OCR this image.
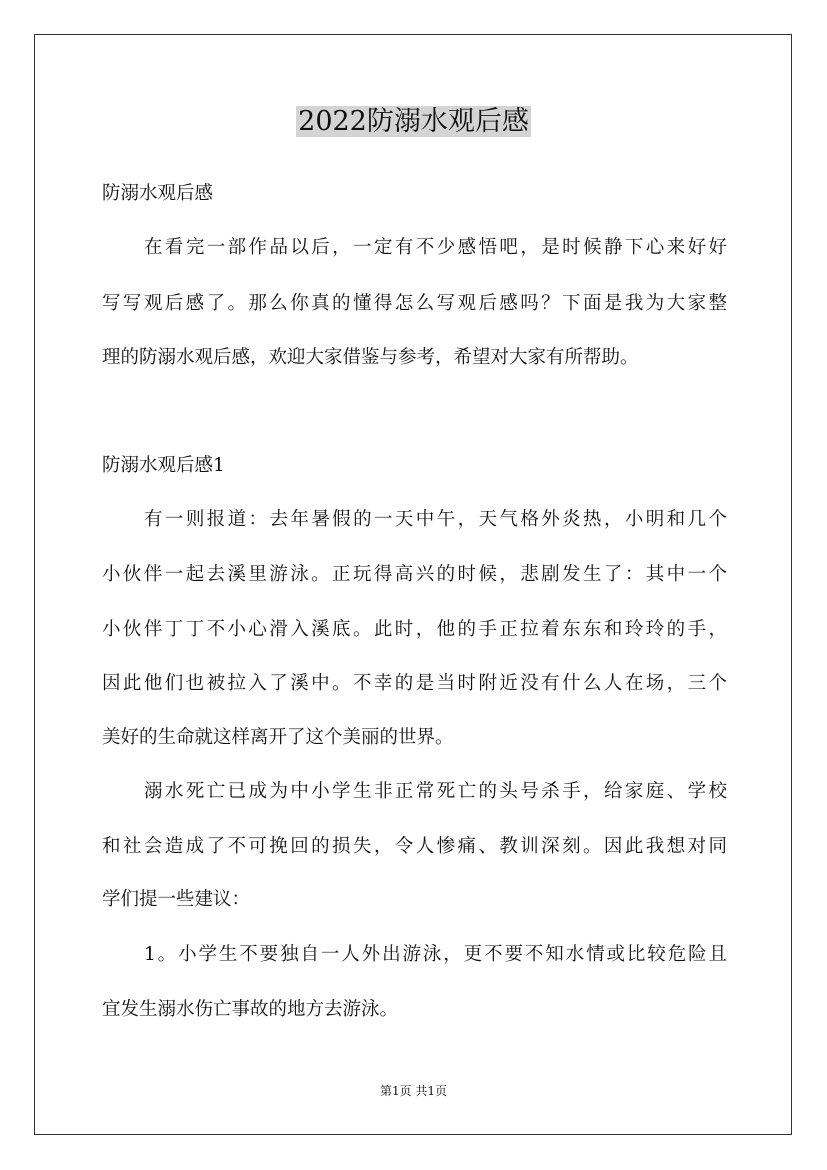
2022防溺水观后感

防溺水观后感

在看完一部作品以后，一定有不少感悟吧，是时候静下心来好好

写写观后感了。那么你真的懂得怎么写观后感吗？下面是我为大家整

理的防溺水观后感，欢迎大家借鉴与参考，希望对大家有所帮助。

防溺水观后感1

有一则报道：去年暑假的一天中午，天气格外炎热，小明和几个

小伙伴一起去溪里游泳。正玩得高兴的时候，悲剧发生了：其中一个

小伙伴丁丁不小心滑入溪底。此时，他的手正拉着东东和玲玲的手，

因此他们也被拉入了溪中。不幸的是当时附近没有什么人在场，三个

美好的生命就这样离开了这个美丽的世界。

溺水死亡已成为中小学生非正常死亡的头号杀手，给家庭、学校

和社会造成了不可挽回的损失，令人惨痛、教训深刻。因此我想对同

学们提一些建议：

1。小学生不要独自一人外出游泳，更不要不知水情或比较危险且

宜发生溺水伤亡事故的地方去游泳。

第1页 共1页
